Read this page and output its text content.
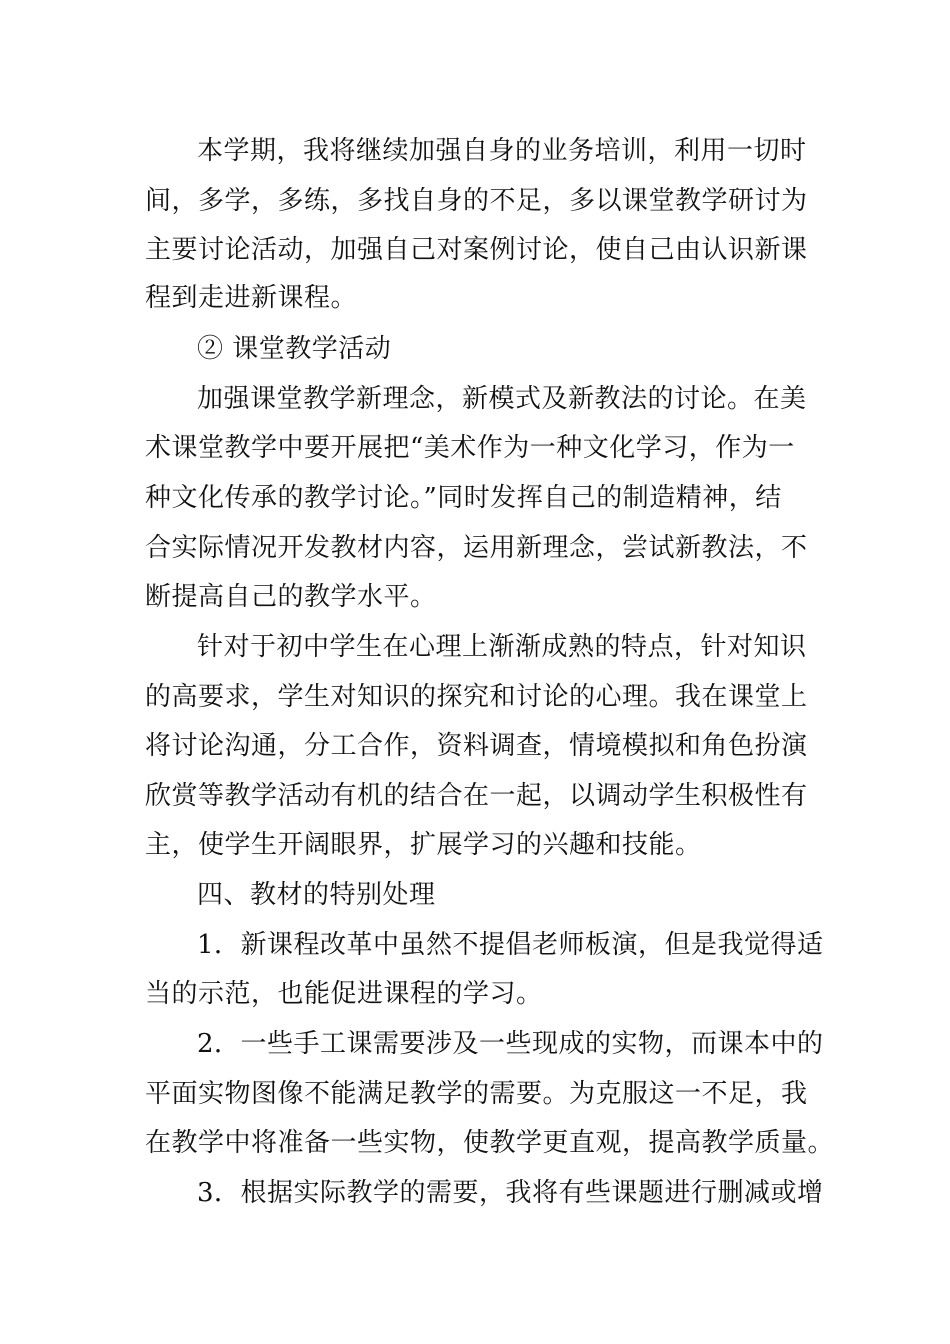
本学期，我将继续加强自身的业务培训，利用一切时
间，多学，多练，多找自身的不足，多以课堂教学研讨为
主要讨论活动，加强自己对案例讨论，使自己由认识新课
程到走进新课程。
② 课堂教学活动
加强课堂教学新理念，新模式及新教法的讨论。在美
术课堂教学中要开展把“美术作为一种文化学习，作为一
种文化传承的教学讨论。”同时发挥自己的制造精神，结
合实际情况开发教材内容，运用新理念，尝试新教法，不
断提高自己的教学水平。
针对于初中学生在心理上渐渐成熟的特点，针对知识
的高要求，学生对知识的探究和讨论的心理。我在课堂上
将讨论沟通，分工合作，资料调查，情境模拟和角色扮演
欣赏等教学活动有机的结合在一起，以调动学生积极性有
主，使学生开阔眼界，扩展学习的兴趣和技能。
四、教材的特别处理
1．新课程改革中虽然不提倡老师板演，但是我觉得适
当的示范，也能促进课程的学习。
2．一些手工课需要涉及一些现成的实物，而课本中的
平面实物图像不能满足教学的需要。为克服这一不足，我
在教学中将准备一些实物，使教学更直观，提高教学质量。
3．根据实际教学的需要，我将有些课题进行删减或增
